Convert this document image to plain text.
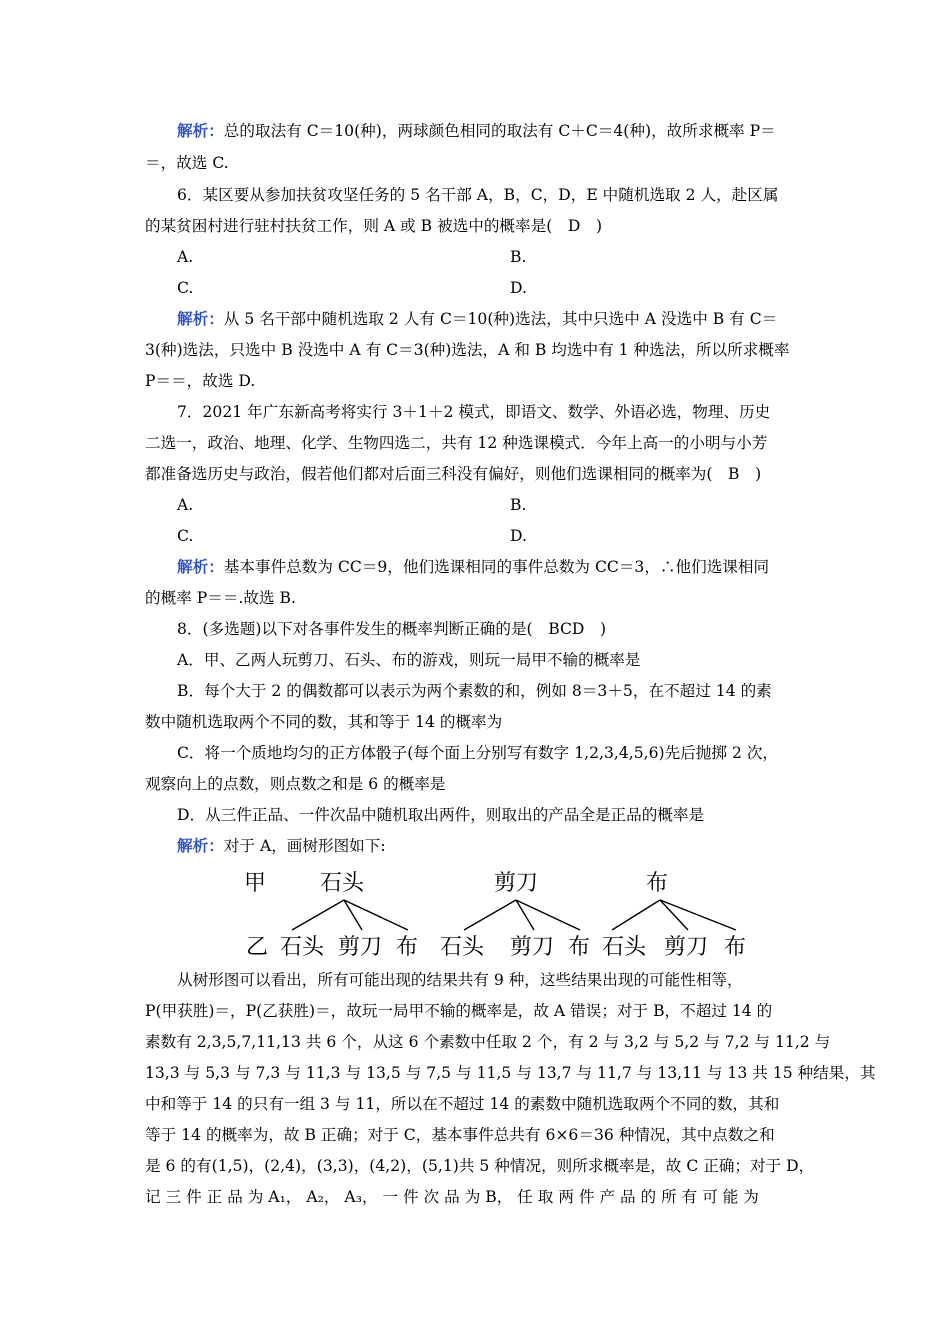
解析：总的取法有 C＝10(种)，两球颜色相同的取法有 C＋C＝4(种)，故所求概率 P＝
＝，故选 C.
6．某区要从参加扶贫攻坚任务的 5 名干部 A，B，C，D，E 中随机选取 2 人，赴区属
的某贫困村进行驻村扶贫工作，则 A 或 B 被选中的概率是(　D　)
A.	B.
C.	D.
解析：从 5 名干部中随机选取 2 人有 C＝10(种)选法，其中只选中 A 没选中 B 有 C＝
3(种)选法，只选中 B 没选中 A 有 C＝3(种)选法，A 和 B 均选中有 1 种选法，所以所求概率
P＝＝，故选 D.
7．2021 年广东新高考将实行 3＋1＋2 模式，即语文、数学、外语必选，物理、历史
二选一，政治、地理、化学、生物四选二，共有 12 种选课模式．今年上高一的小明与小芳
都准备选历史与政治，假若他们都对后面三科没有偏好，则他们选课相同的概率为(　B　)
A.	B.
C.	D.
解析：基本事件总数为 CC＝9，他们选课相同的事件总数为 CC＝3，∴他们选课相同
的概率 P＝＝.故选 B.
8．(多选题)以下对各事件发生的概率判断正确的是(　BCD　)
A．甲、乙两人玩剪刀、石头、布的游戏，则玩一局甲不输的概率是
B．每个大于 2 的偶数都可以表示为两个素数的和，例如 8＝3＋5，在不超过 14 的素
数中随机选取两个不同的数，其和等于 14 的概率为
C．将一个质地均匀的正方体骰子(每个面上分别写有数字 1,2,3,4,5,6)先后抛掷 2 次，
观察向上的点数，则点数之和是 6 的概率是
D．从三件正品、一件次品中随机取出两件，则取出的产品全是正品的概率是
解析：对于 A，画树形图如下:
甲 石头	剪刀	布
乙 石头 剪刀 布 石头 剪刀 布 石头 剪刀 布
从树形图可以看出，所有可能出现的结果共有 9 种，这些结果出现的可能性相等，
P(甲获胜)＝，P(乙获胜)＝，故玩一局甲不输的概率是，故 A 错误；对于 B，不超过 14 的
素数有 2,3,5,7,11,13 共 6 个，从这 6 个素数中任取 2 个，有 2 与 3,2 与 5,2 与 7,2 与 11,2 与
13,3 与 5,3 与 7,3 与 11,3 与 13,5 与 7,5 与 11,5 与 13,7 与 11,7 与 13,11 与 13 共 15 种结果，其
中和等于 14 的只有一组 3 与 11，所以在不超过 14 的素数中随机选取两个不同的数，其和
等于 14 的概率为，故 B 正确；对于 C，基本事件总共有 6×6＝36 种情况，其中点数之和
是 6 的有(1,5)，(2,4)，(3,3)，(4,2)，(5,1)共 5 种情况，则所求概率是，故 C 正确；对于 D，
记 三 件 正 品 为 A₁， A₂， A₃， 一 件 次 品 为 B， 任 取 两 件 产 品 的 所 有 可 能 为
